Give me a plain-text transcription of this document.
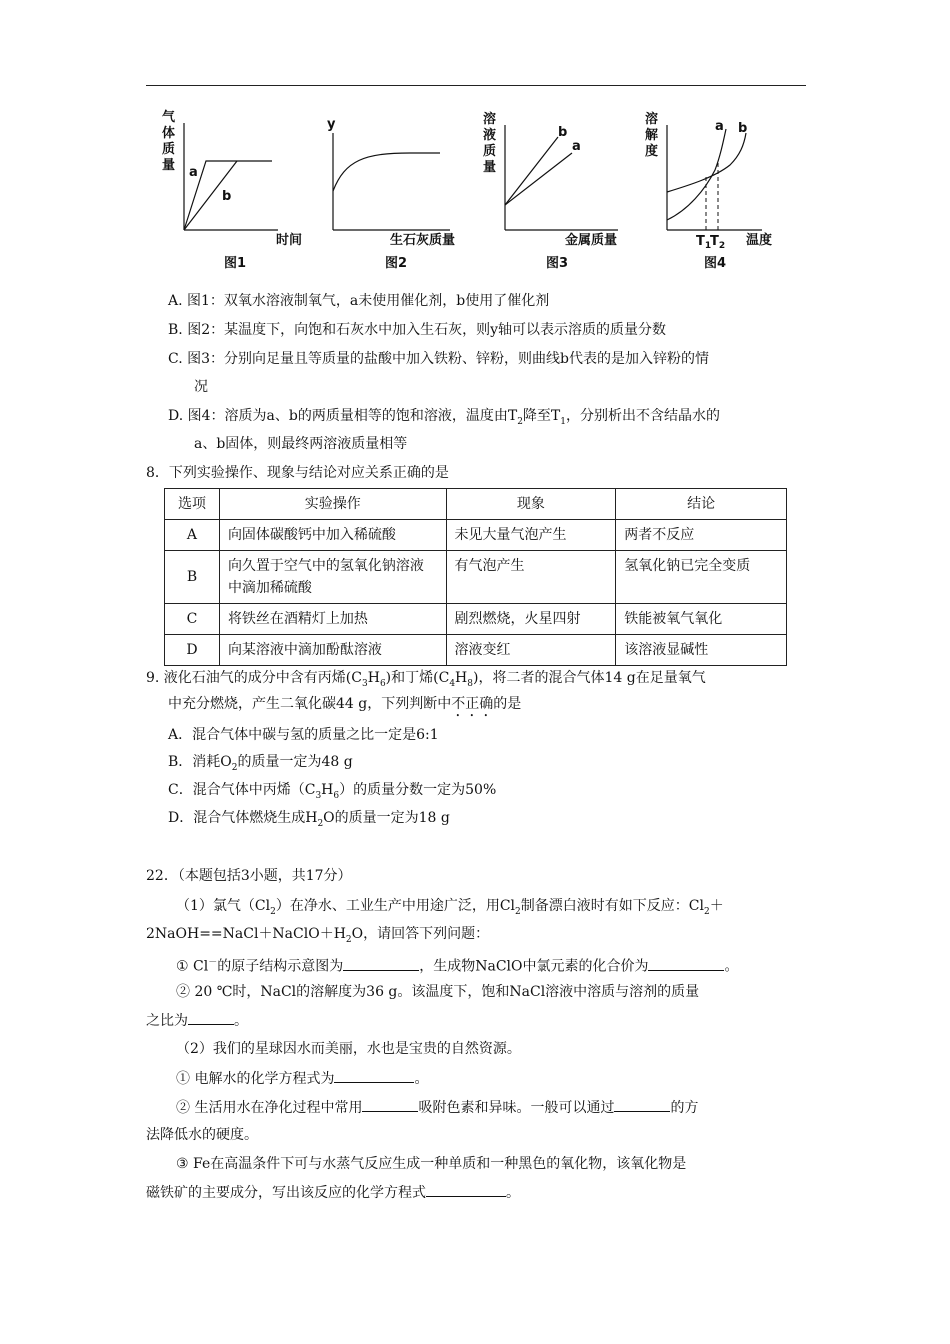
气
体
质
量 a
b
时间
图1
y
生石灰质量
图2
溶
液
质
量
b
a
金属质量
图3
溶
解
度
a b
$T_1$
$T_2$ 温度
图4
A. 图1：双氧水溶液制氧气，a未使用催化剂，b使用了催化剂
B. 图2：某温度下，向饱和石灰水中加入生石灰，则y轴可以表示溶质的质量分数
C. 图3：分别向足量且等质量的盐酸中加入铁粉、锌粉，则曲线b代表的是加入锌粉的情
况
D. 图4：溶质为a、b的两质量相等的饱和溶液，温度由$T_2$降至$T_1$，分别析出不含结晶水的
a、b固体，则最终两溶液质量相等
8．下列实验操作、现象与结论对应关系正确的是
选项	实验操作	现象	结论
A	向固体碳酸钙中加入稀硫酸	未见大量气泡产生	两者不反应
B	向久置于空气中的氢氧化钠溶液中滴加稀硫酸	有气泡产生	氢氧化钠已完全变质
C	将铁丝在酒精灯上加热	剧烈燃烧，火星四射	铁能被氧气氧化
D	向某溶液中滴加酚酞溶液	溶液变红	该溶液显碱性
9. 液化石油气的成分中含有丙烯$(C_3H_6)$和丁烯$(C_4H_8)$，将二者的混合气体14 g在足量氧气
中充分燃烧，产生二氧化碳44 g，下列判断中不正确的是
A．混合气体中碳与氢的质量之比一定是6:1
B．消耗$O_2$的质量一定为48 g
C．混合气体中丙烯$(C_3H_6)$的质量分数一定为50%
D．混合气体燃烧生成$H_2O$的质量一定为18 g
22．（本题包括3小题，共17分）
（1）氯气$(Cl_2)$在净水、工业生产中用途广泛，用$Cl_2$制备漂白液时有如下反应：$Cl_2+$
$2NaOH==NaCl+NaClO+H_2O$，请回答下列问题：
① Cl－的原子结构示意图为	，生成物NaClO中氯元素的化合价为	。
② 20 ℃时，NaCl的溶解度为36 g。该温度下，饱和NaCl溶液中溶质与溶剂的质量
之比为	。
（2）我们的星球因水而美丽，水也是宝贵的自然资源。
① 电解水的化学方程式为	。
② 生活用水在净化过程中常用	吸附色素和异味。一般可以通过	的方
法降低水的硬度。
③ Fe在高温条件下可与水蒸气反应生成一种单质和一种黑色的氧化物，该氧化物是
磁铁矿的主要成分，写出该反应的化学方程式	。
